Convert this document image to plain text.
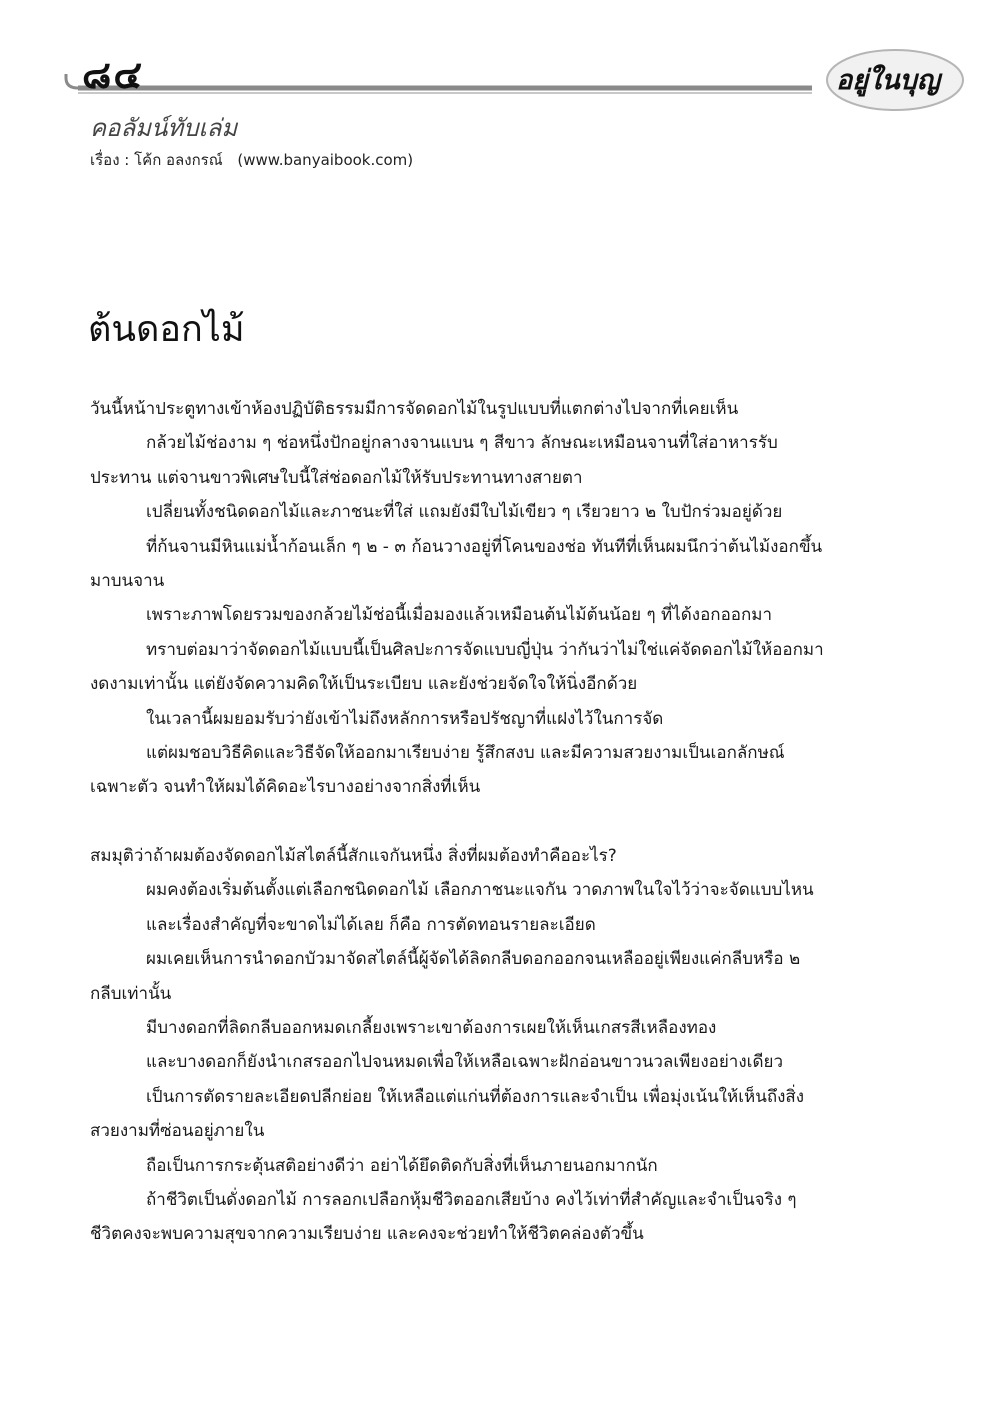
๘๔	อยู่ในบุญ
คอลัมน์ทับเล่ม
เรื่อง : โค้ก อลงกรณ์ (www.banyaibook.com)
ต้นดอกไม้

วันนี้หน้าประตูทางเข้าห้องปฏิบัติธรรมมีการจัดดอกไม้ในรูปแบบที่แตกต่างไปจากที่เคยเห็น

กล้วยไม้ช่องาม ๆ ช่อหนึ่งปักอยู่กลางจานแบน ๆ สีขาว ลักษณะเหมือนจานที่ใส่อาหารรับประทาน แต่จานขาวพิเศษใบนี้ใส่ช่อดอกไม้ให้รับประทานทางสายตา

เปลี่ยนทั้งชนิดดอกไม้และภาชนะที่ใส่ แถมยังมีใบไม้เขียว ๆ เรียวยาว ๒ ใบปักร่วมอยู่ด้วย

ที่ก้นจานมีหินแม่น้ำก้อนเล็ก ๆ ๒ - ๓ ก้อนวางอยู่ที่โคนของช่อ ทันทีที่เห็นผมนึกว่าต้นไม้งอกขึ้นมาบนจาน

เพราะภาพโดยรวมของกล้วยไม้ช่อนี้เมื่อมองแล้วเหมือนต้นไม้ต้นน้อย ๆ ที่ได้งอกออกมา

ทราบต่อมาว่าจัดดอกไม้แบบนี้เป็นศิลปะการจัดแบบญี่ปุ่น ว่ากันว่าไม่ใช่แค่จัดดอกไม้ให้ออกมางดงามเท่านั้น แต่ยังจัดความคิดให้เป็นระเบียบ และยังช่วยจัดใจให้นิ่งอีกด้วย

ในเวลานี้ผมยอมรับว่ายังเข้าไม่ถึงหลักการหรือปรัชญาที่แฝงไว้ในการจัด

แต่ผมชอบวิธีคิดและวิธีจัดให้ออกมาเรียบง่าย รู้สึกสงบ และมีความสวยงามเป็นเอกลักษณ์เฉพาะตัว จนทำให้ผมได้คิดอะไรบางอย่างจากสิ่งที่เห็น

สมมุติว่าถ้าผมต้องจัดดอกไม้สไตล์นี้สักแจกันหนึ่ง สิ่งที่ผมต้องทำคืออะไร?

ผมคงต้องเริ่มต้นตั้งแต่เลือกชนิดดอกไม้ เลือกภาชนะแจกัน วาดภาพในใจไว้ว่าจะจัดแบบไหน

และเรื่องสำคัญที่จะขาดไม่ได้เลย ก็คือ การตัดทอนรายละเอียด

ผมเคยเห็นการนำดอกบัวมาจัดสไตล์นี้ผู้จัดได้ลิดกลีบดอกออกจนเหลืออยู่เพียงแค่กลีบหรือ ๒ กลีบเท่านั้น

มีบางดอกที่ลิดกลีบออกหมดเกลี้ยงเพราะเขาต้องการเผยให้เห็นเกสรสีเหลืองทอง

และบางดอกก็ยังนำเกสรออกไปจนหมดเพื่อให้เหลือเฉพาะฝักอ่อนขาวนวลเพียงอย่างเดียว

เป็นการตัดรายละเอียดปลีกย่อย ให้เหลือแต่แก่นที่ต้องการและจำเป็น เพื่อมุ่งเน้นให้เห็นถึงสิ่งสวยงามที่ซ่อนอยู่ภายใน

ถือเป็นการกระตุ้นสติอย่างดีว่า อย่าได้ยึดติดกับสิ่งที่เห็นภายนอกมากนัก

ถ้าชีวิตเป็นดั่งดอกไม้ การลอกเปลือกหุ้มชีวิตออกเสียบ้าง คงไว้เท่าที่สำคัญและจำเป็นจริง ๆ ชีวิตคงจะพบความสุขจากความเรียบง่าย และคงจะช่วยทำให้ชีวิตคล่องตัวขึ้น
